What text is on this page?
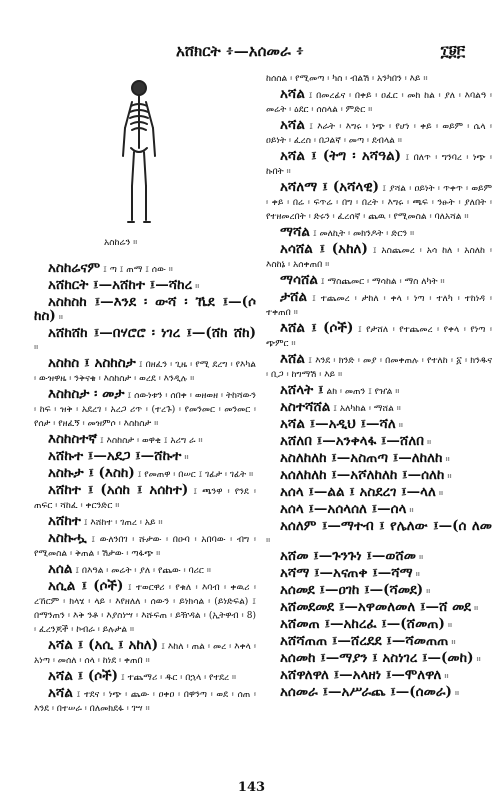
አሸክርት ፥—አሰመራ ፥	፲፱፫
አስከሬን ።
አስከሬናም ፤ ጣ ፤ ጠማ ፤ ሰው ።
አሸከርት ፤—አሸከተ ፤—ሻከረ ።
አስከስከ ፤—እንደ ፡ ውሻ ፡ ኼደ ፤—(ሶ ከስ) ።
አሸከሸከ ፤—በሃሮሮ ፡ ነገረ ፤—(ሸከ ሸከ) ።
አስከስ ፤ አስከስታ ፤ በዘፈን ፡ ጊዜ ፡ የሚ ደረግ ፡ የእካል ፡ ውዝዋዜ ፡ ንቅናቄ ፡ እስከስታ ፡ ወረደ ፡ እንዲሉ ።
እስከስታ ፡ መታ ፤ ሰውነቱን ፡ ሰበቀ ፡ ወዘወዘ ፡ ትከሻውን ፡ ከፍ ፡ ዝቅ ፡ አደረገ ፡ አረጋ ሪጥ ፡ (ተረጉ) ፡ የመንመር ፡ መንመር ፡ የሰታ ፡ የዘፈኝ ፡ መዝምሶ ፡ እስከስታ ።
እስከስተኛ ፤ እስከስታ ፡ ወዋቂ ፤ አሪግ ራ ።
አሸኩተ ፤—አደጋ ፤—ሸኩተ ።
አስኩታ ፤ (እስከ) ፤ የመጠዋ ፡ በሠር ፤ ገፊታ ፡ ገፊት ።
አሸከተ ፤ (አሰከ ፤ አሰከተ) ፤ ጫንዋ ፡ የንደ ፡ ጠፍር ፡ ሻከፈ ፡ ቀርንድር ።
አሸከተ ፤ እሸከተ ፡ ገጠረ ፡ አይ ።
አስኩሗ ፤ ውለንበገ ፡ ሹታው ፡ በዑባ ፡ አበባው ፡ ብግ ፡ የሚመስል ፡ ቅጠል ፡ ሽታው ፡ ጣፋጭ ።
አሰል ፤ በእዓል ፡ መሬት ፡ ያለ ፡ የጨው ፡ ባሪር ።
አሲል ፤ (ሶች) ፤ ተወርዋሪ ፡ የቁለ ፡ እባብ ፡ ቀዉሪ ፡ ረኸርም ፡ ክላሄ ፡ ላይ ፡ እየዘለለ ፡ ሰውን ፡ ይነክሳል ፡ (ይነድፍል) ፤ በማንጠን ፡ እቅ ንቶ ፡ እያስነሣ ፡ እሹፍጠ ፡ ይዥዳል ፡ (ኢትዋብ ፡ 8) ፡ ፈረንጆች ፡ ኮብራ ፡ ይሉታል ።
አሻል ፤ (አሲ ፤ አከለ) ፤ እከለ ፡ ጠል ፡ መረ ፡ እቀላ ፡ አነጣ ፡ መሰለ ፡ ሰላ ፡ ከነደ ፡ ቀጠበ ።
አሻል ፤ (ሶች) ፤ ተጨማሪ ፡ ዱር ፡ በኋላ ፡ የተደረ ።
አሻል ፤ ተደና ፡ ነጭ ፡ ጨው ፡ ዐቀዐ ፡ በዋንጣ ፡ ወደ ፡ ሰጠ ፡ እንደ ፡ በተሠራ ፡ በለመክደፋ ፡ ገሣ ።
ከሰስል ፡ የሚመጣ ፡ ካስ ፡ ብልሽ ፡ አንካበን ፡ እይ ።
አሻል ፤ በመረፊና ፡ በቀይ ፡ ዐፈር ፡ መከ ከል ፡ ያለ ፡ እባልዓ ፡ መሬት ፡ ዕደር ፡ ሰስላል ፡ ምድር ።
አሻል ፤ እራት ፡ እግሩ ፡ ነጭ ፡ የሆነ ፡ ቀይ ፡ ወይም ፡ ሴላ ፡ ዐይነት ፡ ፈረስ ፡ በጋልኛ ፡ መጣ ፡ ደብላል ።
አሻል ፤ (ትግ ፡ አሻዓል) ፤ በለጥ ፡ ግንባረ ፡ ነጭ ፡ ኩበት ።
አሻለማ ፤ (አሻላዊ) ፤ ያሻል ፡ ዐይነት ፡ ጥቀጥ ፡ ወይም ፡ ቀይ ፡ በሬ ፡ ፍጥሬ ፡ በግ ፡ በረት ፡ እግሩ ፡ ጫፍ ፡ ንፁት ፡ ያለበት ፡ የተዘመረበት ፡ ድሩን ፡ ፈረሰኛ ፡ ጨዉ ፡ የሚመስል ፡ ባለአሻል ።
ማሻል ፤ መለኪት ፡ መክንዶት ፡ ድርን ።
አሳሸል ፤ (አከለ) ፤ አስጨመረ ፡ አሳ ከለ ፡ አስለከ ፡ እስከኔ ፡ አሰቀጠበ ።
ማሳሸል ፤ ማስጨመር ፡ ማሳከል ፡ ማስ ለካት ።
ታሸል ፤ ተጨመረ ፡ ታከለ ፡ ቀላ ፡ ነጣ ፡ ተለካ ፡ ተከነዳ ፡ ተቀጠበ ።
እሸል ፤ (ሶች) ፤ የታሸለ ፡ የተጨመረ ፡ የቀላ ፡ የነጣ ፡ ጭምር ።
እሸል ፤ እንደ ፡ ክንድ ፡ መያ ፡ በመቀጠሉ ፡ የተለከ ፡ ፩ ፡ ክንዱና ፡ ቢጋ ፡ ከግማሽ ፡ እይ ።
አሸላት ፤ ልክ ፡ መጠን ፤ የዠል ።
አስተሻሸል ፤ አለካከል ፡ ማሸል ።
አሻል ፤—አዲህ ፤—ሻለ ።
አሸለበ ፤—አንቀላፋ ፤—ሸለበ ።
አስለከለከ ፤—አስጠጣ ፤—ለከለከ ።
አሰለከለከ ፤—አሾለከለከ ፤—ሰለከ ።
አሰላ ፤—ልል ፤ አስደረገ ፤—ላለ ።
አሰላ ፤—አሰላሰለ ፤—ሰላ ።
አሰለም ፤—ማተብ ፤ የሌለው ፤—(ሰ ለመ ።
አሸመ ፤—ጉንጉነ ፤—ወሸመ ።
አሻማ ፤—አናጠቀ ፤—ሻማ ።
አሰመደ ፤—ዐገከ ፤—(ሻመደ) ።
አሸመደመደ ፤—አዋመለመለ ፤—ሸ መደ ።
አሸመጠ ፤—አከረፈ ፤—(ሸመጠ) ።
አሸሻጠጠ ፤—ሸረደደ ፤—ሻመጠጠ ።
አሰመከ ፤—ማያን ፤ አስነገረ ፤—(መከ) ።
አሸዋለዋለ ፤—አላዘነ ፤—ሞለዋለ ።
አሰመራ ፤—አሥራጨ ፤—(ሰመራ) ።
143
